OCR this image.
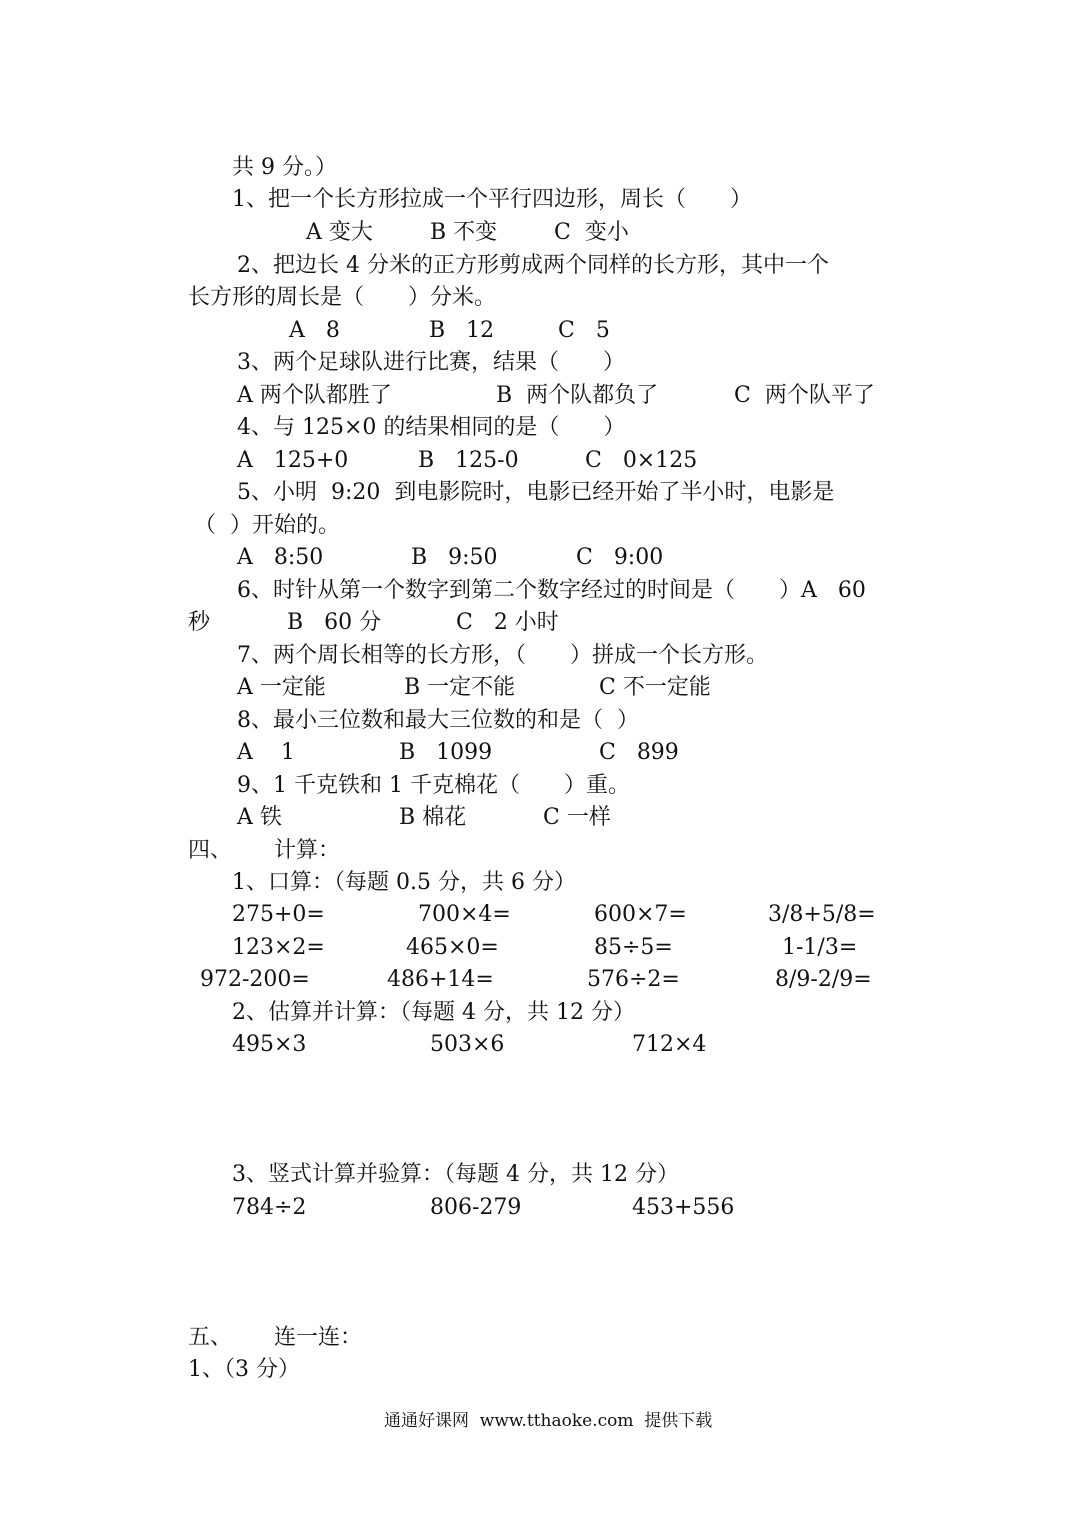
共 9 分。）
1、把一个长方形拉成一个平行四边形，周长（　　）
A 变大	B 不变	C  变小
2、把边长 4 分米的正方形剪成两个同样的长方形，其中一个
长方形的周长是（　　）分米。
A   8	B   12	C   5
3、两个足球队进行比赛，结果（　　）
A 两个队都胜了	B  两个队都负了	C  两个队平了
4、与 125×0 的结果相同的是（　　）
A   125+0	B   125-0	C   0×125
5、小明  9:20  到电影院时，电影已经开始了半小时，电影是
（  ）开始的。
A   8:50	B   9:50	C   9:00
6、时针从第一个数字到第二个数字经过的时间是（　　）A   60
秒	B   60 分	C   2 小时
7、两个周长相等的长方形，（　　）拼成一个长方形。
A 一定能	B 一定不能	C 不一定能
8、最小三位数和最大三位数的和是（  ）
A    1	B   1099	C   899
9、1 千克铁和 1 千克棉花（　　）重。
A 铁	B 棉花	C 一样
四、 计算：
1、口算：（每题 0.5 分，共 6 分）
275+0=	700×4=	600×7=	3/8+5/8=
123×2=	465×0=	85÷5=	1-1/3=
972-200=	486+14=	576÷2=	8/9-2/9=
2、估算并计算：（每题 4 分，共 12 分）
495×3	503×6	712×4
3、竖式计算并验算：（每题 4 分，共 12 分）
784÷2	806-279	453+556
五、 连一连：
1、（3 分）
通通好课网  www.tthaoke.com  提供下载
